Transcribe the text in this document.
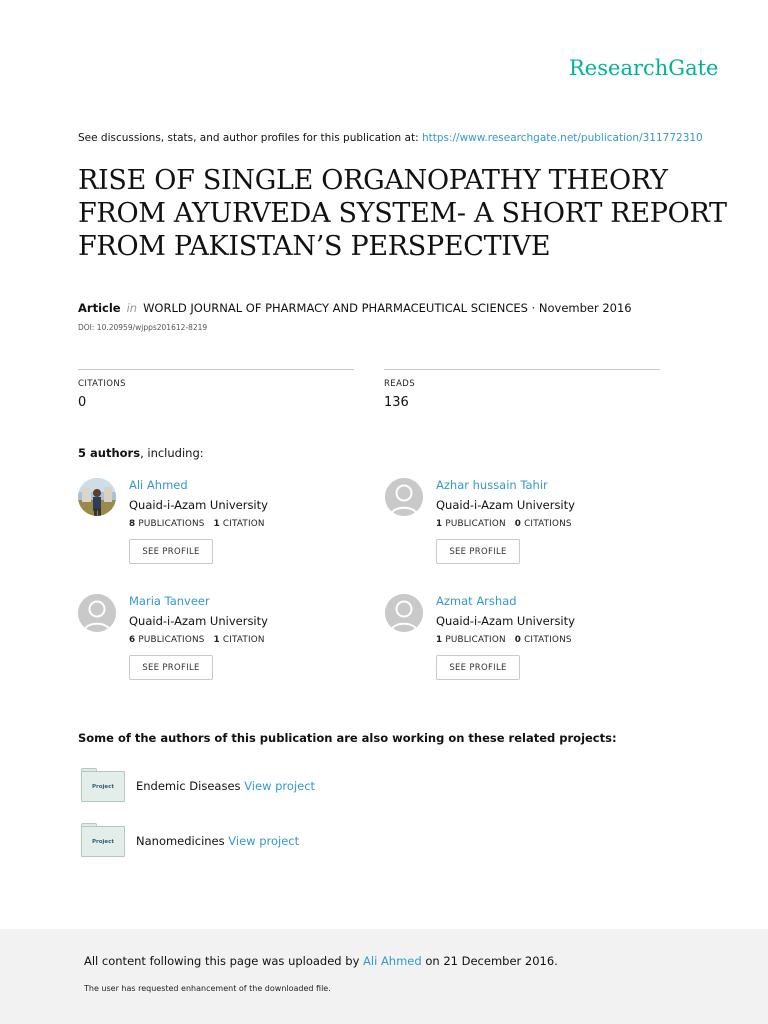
ResearchGate
See discussions, stats, and author profiles for this publication at: https://www.researchgate.net/publication/311772310
RISE OF SINGLE ORGANOPATHY THEORY
FROM AYURVEDA SYSTEM- A SHORT REPORT
FROM PAKISTAN’S PERSPECTIVE
Article in WORLD JOURNAL OF PHARMACY AND PHARMACEUTICAL SCIENCES · November 2016
DOI: 10.20959/wjpps201612-8219
CITATIONS
0
READS
136
5 authors, including:
Ali Ahmed
Quaid-i-Azam University
8 PUBLICATIONS 1 CITATION
SEE PROFILE
Azhar hussain Tahir
Quaid-i-Azam University
1 PUBLICATION 0 CITATIONS
SEE PROFILE
Maria Tanveer
Quaid-i-Azam University
6 PUBLICATIONS 1 CITATION
SEE PROFILE
Azmat Arshad
Quaid-i-Azam University
1 PUBLICATION 0 CITATIONS
SEE PROFILE
Some of the authors of this publication are also working on these related projects:
Project	Endemic Diseases View project
Project	Nanomedicines View project
All content following this page was uploaded by Ali Ahmed on 21 December 2016.
The user has requested enhancement of the downloaded file.
